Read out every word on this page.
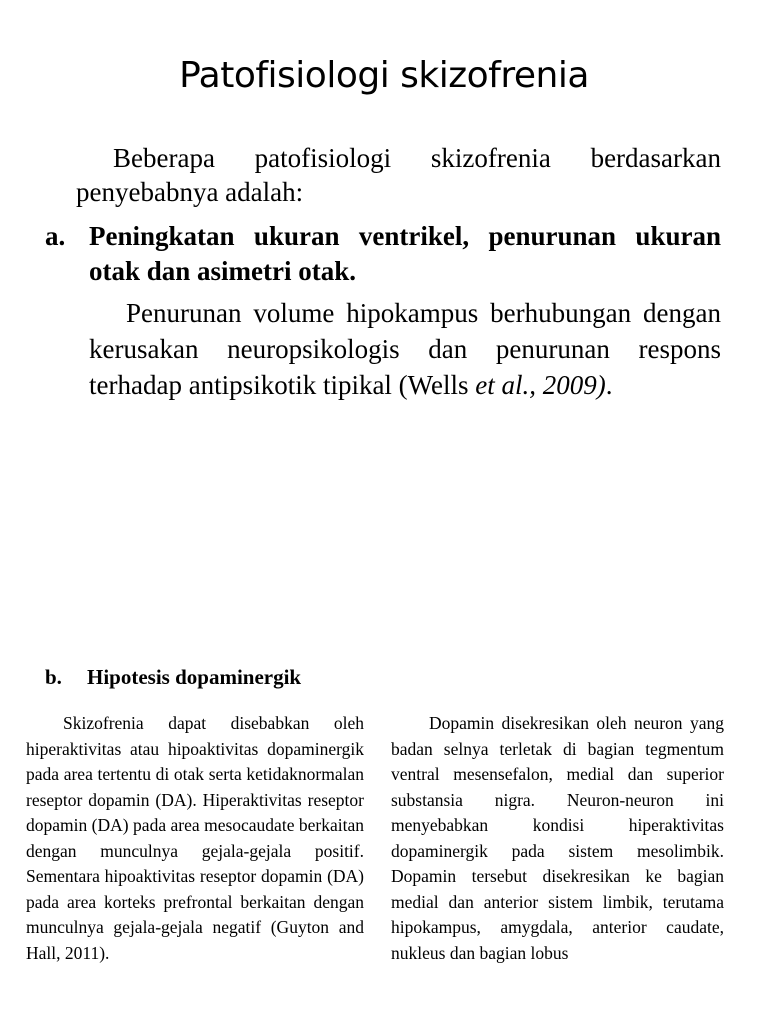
Patofisiologi skizofrenia

Beberapa patofisiologi skizofrenia berdasarkan penyebabnya adalah:

a. Peningkatan ukuran ventrikel, penurunan ukuran otak dan asimetri otak.

Penurunan volume hipokampus berhubungan dengan kerusakan neuropsikologis dan penurunan respons terhadap antipsikotik tipikal (Wells et al., 2009).

b. Hipotesis dopaminergik

Skizofrenia dapat disebabkan oleh hiperaktivitas atau hipoaktivitas dopaminergik pada area tertentu di otak serta ketidaknormalan reseptor dopamin (DA). Hiperaktivitas reseptor dopamin (DA) pada area mesocaudate berkaitan dengan munculnya gejala-gejala positif. Sementara hipoaktivitas reseptor dopamin (DA) pada area korteks prefrontal berkaitan dengan munculnya gejala-gejala negatif (Guyton and Hall, 2011).

Dopamin disekresikan oleh neuron yang badan selnya terletak di bagian tegmentum ventral mesensefalon, medial dan superior substansia nigra. Neuron-neuron ini menyebabkan kondisi hiperaktivitas dopaminergik pada sistem mesolimbik. Dopamin tersebut disekresikan ke bagian medial dan anterior sistem limbik, terutama hipokampus, amygdala, anterior caudate, nukleus dan bagian lobus
